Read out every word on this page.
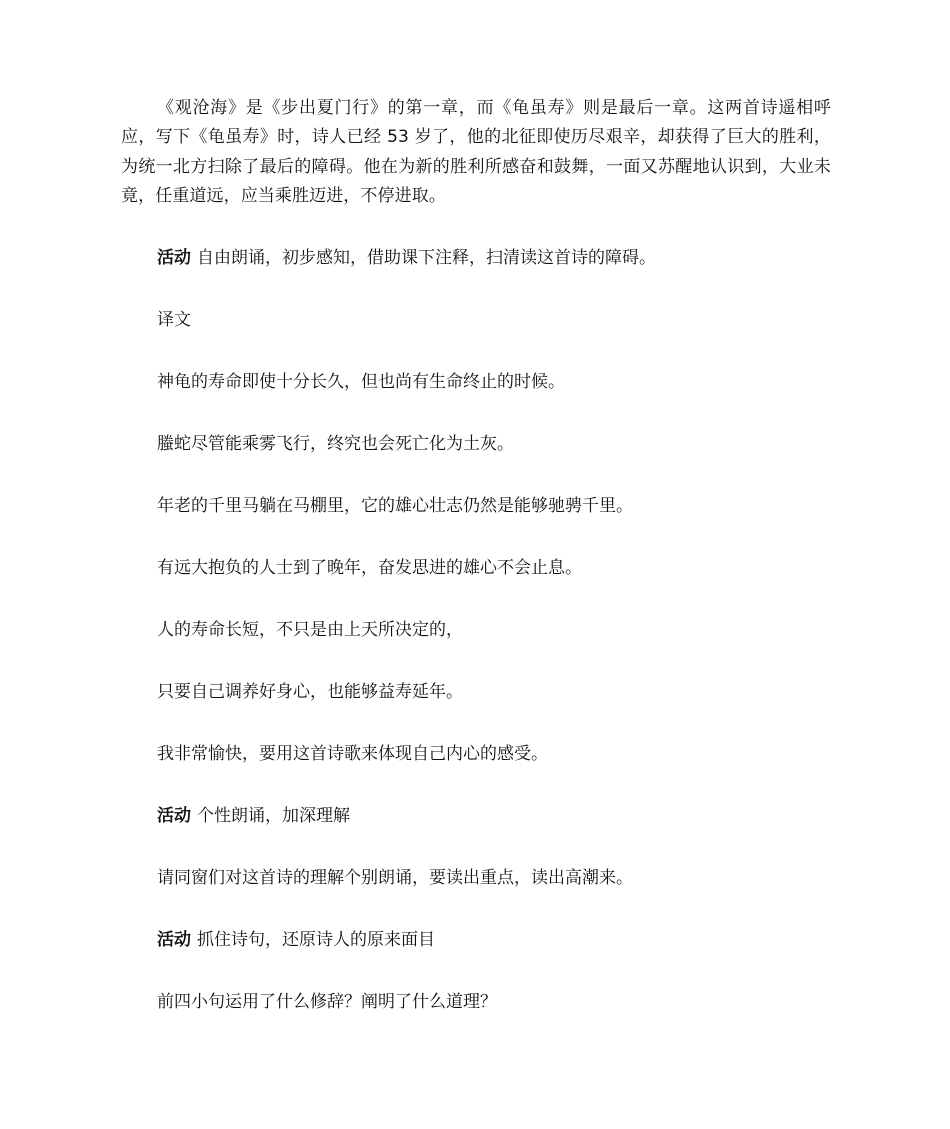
《观沧海》是《步出夏门行》的第一章，而《龟虽寿》则是最后一章。这两首诗遥相呼应，写下《龟虽寿》时，诗人已经 53 岁了，他的北征即使历尽艰辛，却获得了巨大的胜利，为统一北方扫除了最后的障碍。他在为新的胜利所感奋和鼓舞，一面又苏醒地认识到，大业未竟，任重道远，应当乘胜迈进，不停进取。

活动 自由朗诵，初步感知，借助课下注释，扫清读这首诗的障碍。

译文

神龟的寿命即使十分长久，但也尚有生命终止的时候。

螣蛇尽管能乘雾飞行，终究也会死亡化为土灰。

年老的千里马躺在马棚里，它的雄心壮志仍然是能够驰骋千里。

有远大抱负的人士到了晚年，奋发思进的雄心不会止息。

人的寿命长短，不只是由上天所决定的，

只要自己调养好身心，也能够益寿延年。

我非常愉快，要用这首诗歌来体现自己内心的感受。

活动 个性朗诵，加深理解

请同窗们对这首诗的理解个别朗诵，要读出重点，读出高潮来。

活动 抓住诗句，还原诗人的原来面目

前四小句运用了什么修辞？阐明了什么道理？
